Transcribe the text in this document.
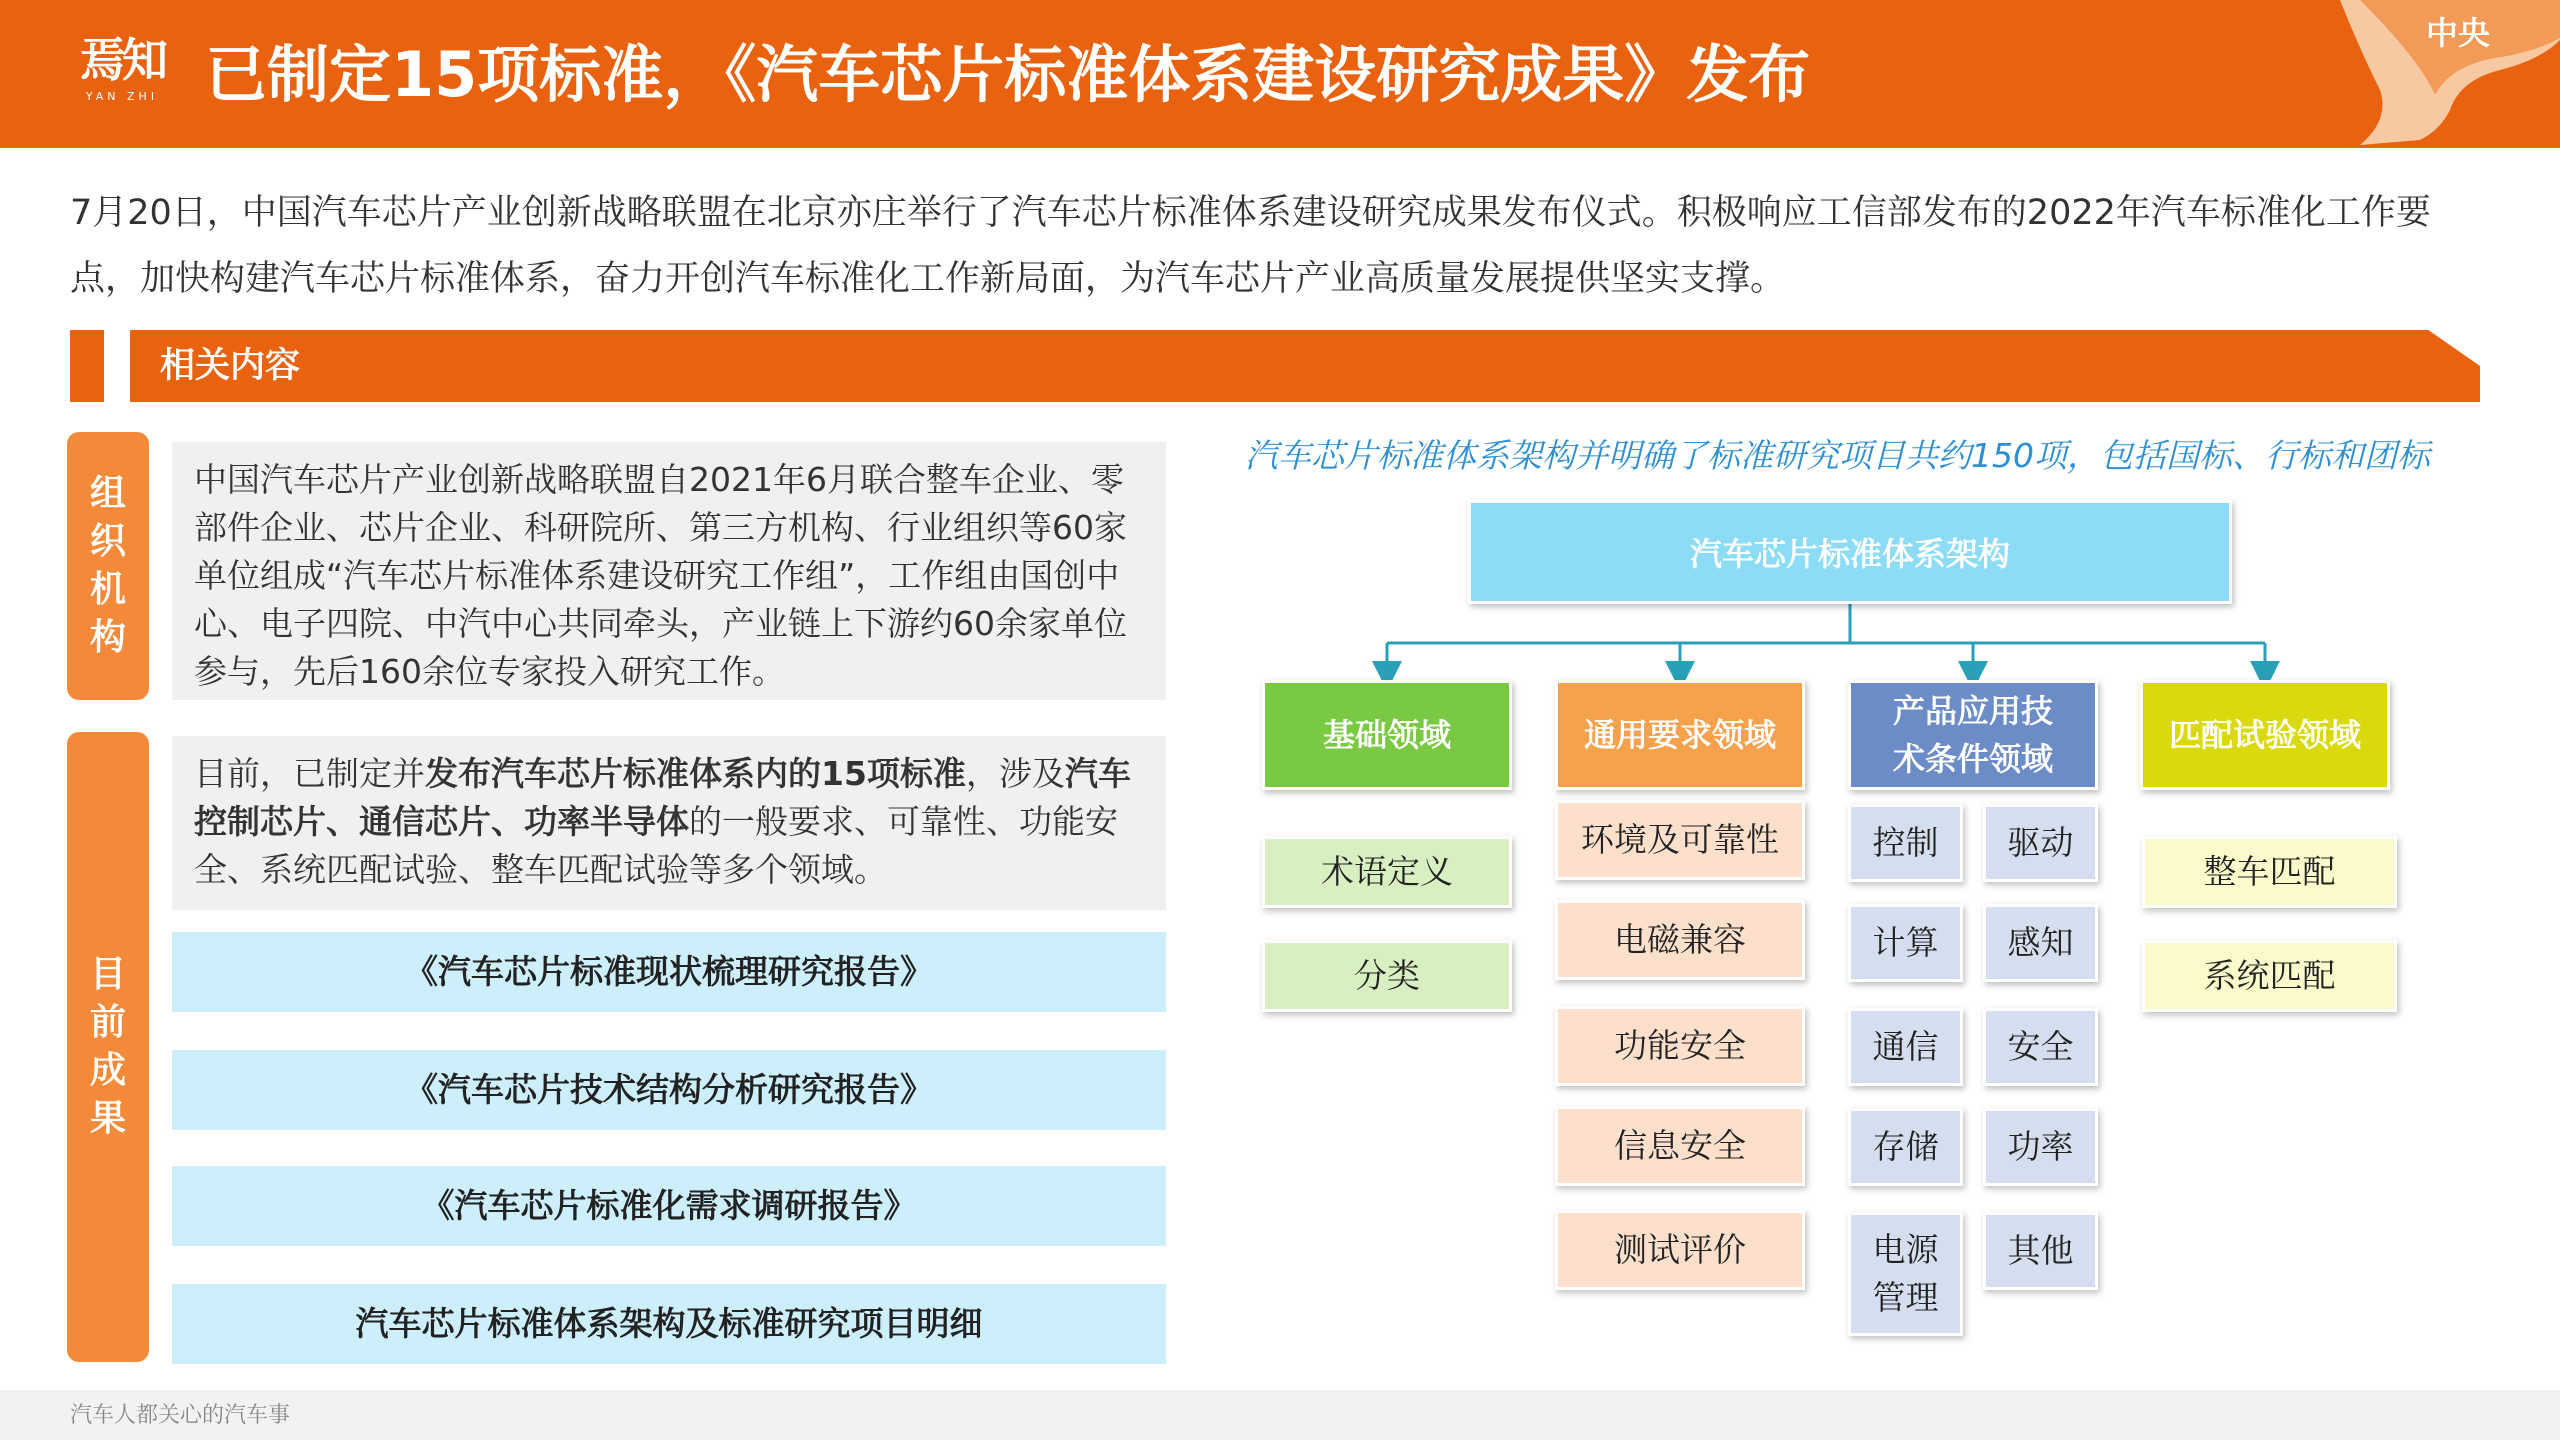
焉知
YAN ZHI 已制定15项标准，《汽车芯片标准体系建设研究成果》发布
中央
7月20日，中国汽车芯片产业创新战略联盟在北京亦庄举行了汽车芯片标准体系建设研究成果发布仪式。积极响应工信部发布的2022年汽车标准化工作要点，加快构建汽车芯片标准体系，奋力开创汽车标准化工作新局面，为汽车芯片产业高质量发展提供坚实支撑。
相关内容
组织机构
中国汽车芯片产业创新战略联盟自2021年6月联合整车企业、零部件企业、芯片企业、科研院所、第三方机构、行业组织等60家单位组成“汽车芯片标准体系建设研究工作组”，工作组由国创中心、电子四院、中汽中心共同牵头，产业链上下游约60余家单位参与，先后160余位专家投入研究工作。
目前成果
目前，已制定并发布汽车芯片标准体系内的15项标准，涉及汽车控制芯片、通信芯片、功率半导体的一般要求、可靠性、功能安全、系统匹配试验、整车匹配试验等多个领域。
《汽车芯片标准现状梳理研究报告》
《汽车芯片技术结构分析研究报告》
《汽车芯片标准化需求调研报告》
汽车芯片标准体系架构及标准研究项目明细
汽车芯片标准体系架构并明确了标准研究项目共约150项，包括国标、行标和团标
汽车芯片标准体系架构
基础领域	通用要求领域
产品应用技术条件领域
匹配试验领域
术语定义
分类
环境及可靠性
电磁兼容
功能安全
信息安全
测试评价
控制	驱动
计算	感知
通信	安全
存储	功率
电源管理
其他
整车匹配
系统匹配
汽车人都关心的汽车事
